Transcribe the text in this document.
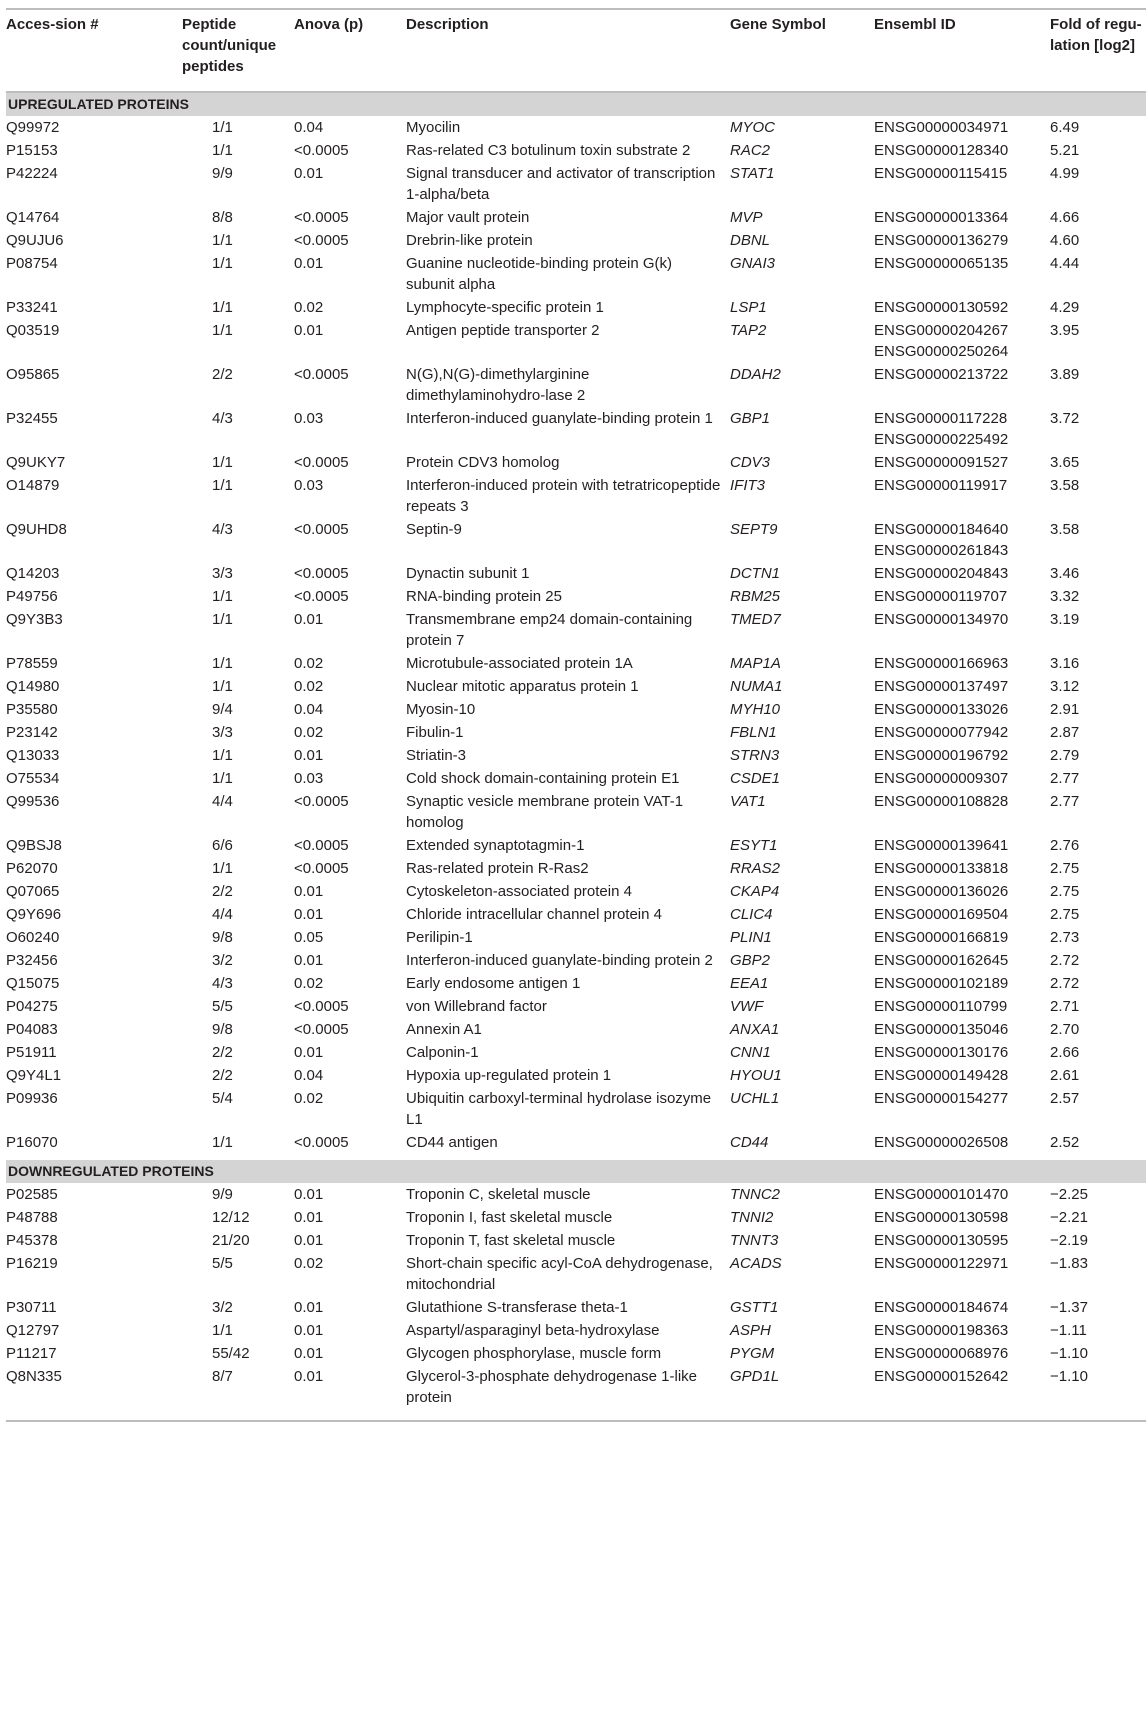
Acces-sion #	Peptide count/unique peptides	Anova (p)	Description	Gene Symbol	Ensembl ID	Fold of regu-lation [log2]
UPREGULATED PROTEINS						
Q99972	1/1	0.04	Myocilin	MYOC	ENSG00000034971	6.49
P15153	1/1	<0.0005	Ras-related C3 botulinum toxin substrate 2	RAC2	ENSG00000128340	5.21
P42224	9/9	0.01	Signal transducer and activator of transcription 1-alpha/beta	STAT1	ENSG00000115415	4.99
Q14764	8/8	<0.0005	Major vault protein	MVP	ENSG00000013364	4.66
Q9UJU6	1/1	<0.0005	Drebrin-like protein	DBNL	ENSG00000136279	4.60
P08754	1/1	0.01	Guanine nucleotide-binding protein G(k) subunit alpha	GNAI3	ENSG00000065135	4.44
P33241	1/1	0.02	Lymphocyte-specific protein 1	LSP1	ENSG00000130592	4.29
Q03519	1/1	0.01	Antigen peptide transporter 2	TAP2	ENSG00000204267 ENSG00000250264	3.95
O95865	2/2	<0.0005	N(G),N(G)-dimethylarginine dimethylaminohydro-lase 2	DDAH2	ENSG00000213722	3.89
P32455	4/3	0.03	Interferon-induced guanylate-binding protein 1	GBP1	ENSG00000117228 ENSG00000225492	3.72
Q9UKY7	1/1	<0.0005	Protein CDV3 homolog	CDV3	ENSG00000091527	3.65
O14879	1/1	0.03	Interferon-induced protein with tetratricopeptide repeats 3	IFIT3	ENSG00000119917	3.58
Q9UHD8	4/3	<0.0005	Septin-9	SEPT9	ENSG00000184640 ENSG00000261843	3.58
Q14203	3/3	<0.0005	Dynactin subunit 1	DCTN1	ENSG00000204843	3.46
P49756	1/1	<0.0005	RNA-binding protein 25	RBM25	ENSG00000119707	3.32
Q9Y3B3	1/1	0.01	Transmembrane emp24 domain-containing protein 7	TMED7	ENSG00000134970	3.19
P78559	1/1	0.02	Microtubule-associated protein 1A	MAP1A	ENSG00000166963	3.16
Q14980	1/1	0.02	Nuclear mitotic apparatus protein 1	NUMA1	ENSG00000137497	3.12
P35580	9/4	0.04	Myosin-10	MYH10	ENSG00000133026	2.91
P23142	3/3	0.02	Fibulin-1	FBLN1	ENSG00000077942	2.87
Q13033	1/1	0.01	Striatin-3	STRN3	ENSG00000196792	2.79
O75534	1/1	0.03	Cold shock domain-containing protein E1	CSDE1	ENSG00000009307	2.77
Q99536	4/4	<0.0005	Synaptic vesicle membrane protein VAT-1 homolog	VAT1	ENSG00000108828	2.77
Q9BSJ8	6/6	<0.0005	Extended synaptotagmin-1	ESYT1	ENSG00000139641	2.76
P62070	1/1	<0.0005	Ras-related protein R-Ras2	RRAS2	ENSG00000133818	2.75
Q07065	2/2	0.01	Cytoskeleton-associated protein 4	CKAP4	ENSG00000136026	2.75
Q9Y696	4/4	0.01	Chloride intracellular channel protein 4	CLIC4	ENSG00000169504	2.75
O60240	9/8	0.05	Perilipin-1	PLIN1	ENSG00000166819	2.73
P32456	3/2	0.01	Interferon-induced guanylate-binding protein 2	GBP2	ENSG00000162645	2.72
Q15075	4/3	0.02	Early endosome antigen 1	EEA1	ENSG00000102189	2.72
P04275	5/5	<0.0005	von Willebrand factor	VWF	ENSG00000110799	2.71
P04083	9/8	<0.0005	Annexin A1	ANXA1	ENSG00000135046	2.70
P51911	2/2	0.01	Calponin-1	CNN1	ENSG00000130176	2.66
Q9Y4L1	2/2	0.04	Hypoxia up-regulated protein 1	HYOU1	ENSG00000149428	2.61
P09936	5/4	0.02	Ubiquitin carboxyl-terminal hydrolase isozyme L1	UCHL1	ENSG00000154277	2.57
P16070	1/1	<0.0005	CD44 antigen	CD44	ENSG00000026508	2.52

DOWNREGULATED PROTEINS						
P02585	9/9	0.01	Troponin C, skeletal muscle	TNNC2	ENSG00000101470	−2.25
P48788	12/12	0.01	Troponin I, fast skeletal muscle	TNNI2	ENSG00000130598	−2.21
P45378	21/20	0.01	Troponin T, fast skeletal muscle	TNNT3	ENSG00000130595	−2.19
P16219	5/5	0.02	Short-chain specific acyl-CoA dehydrogenase, mitochondrial	ACADS	ENSG00000122971	−1.83
P30711	3/2	0.01	Glutathione S-transferase theta-1	GSTT1	ENSG00000184674	−1.37
Q12797	1/1	0.01	Aspartyl/asparaginyl beta-hydroxylase	ASPH	ENSG00000198363	−1.11
P11217	55/42	0.01	Glycogen phosphorylase, muscle form	PYGM	ENSG00000068976	−1.10
Q8N335	8/7	0.01	Glycerol-3-phosphate dehydrogenase 1-like protein	GPD1L	ENSG00000152642	−1.10
